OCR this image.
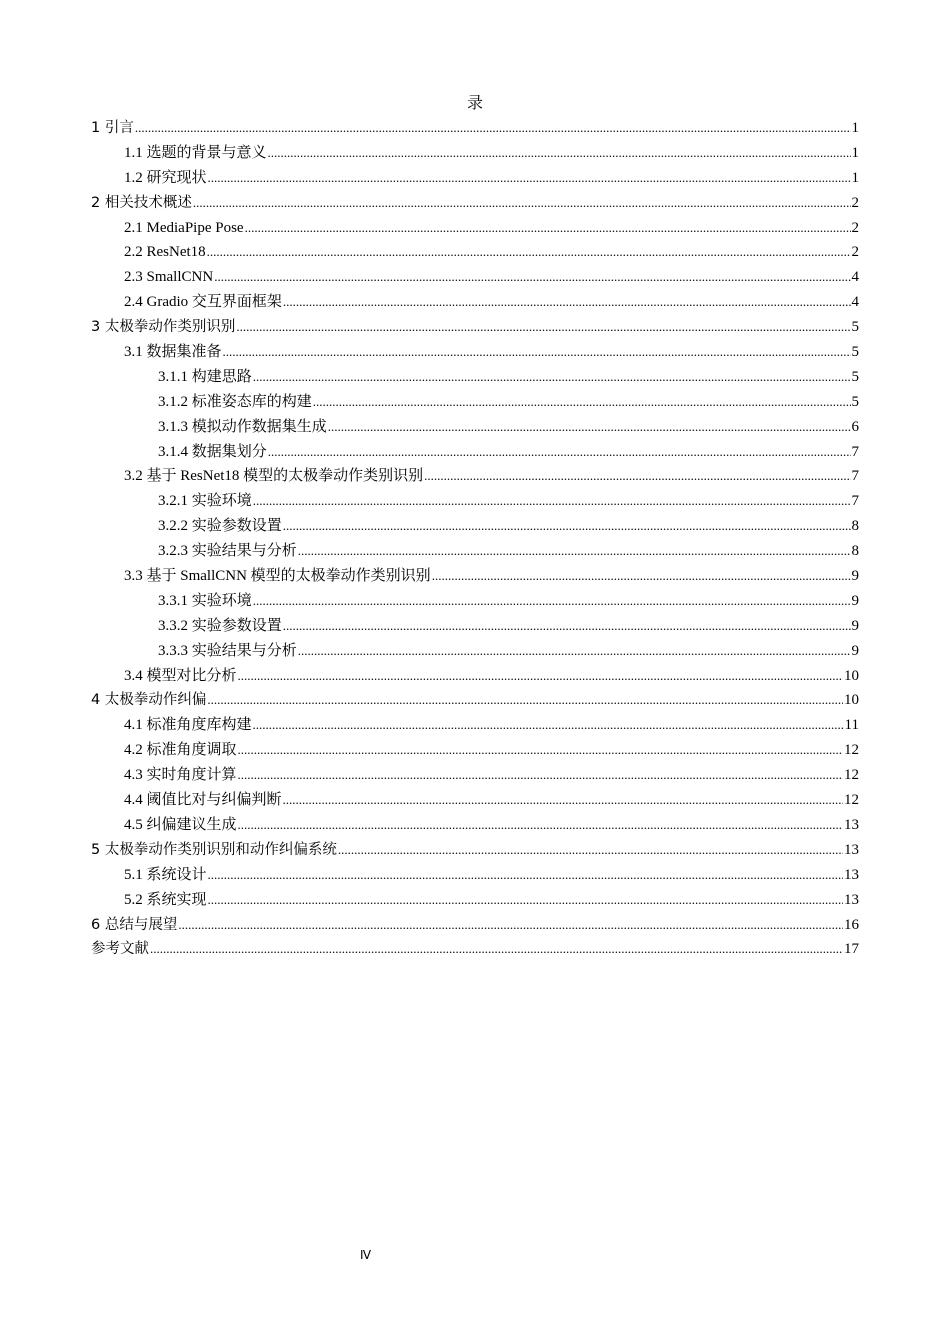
录
1 引言 .....	1
1.1 选题的背景与意义 .....	1
1.2 研究现状 .....	1
2 相关技术概述 .....	2
2.1 MediaPipe Pose .....	2
2.2 ResNet18 .....	2
2.3 SmallCNN .....	4
2.4 Gradio 交互界面框架 .....	4
3 太极拳动作类别识别 .....	5
3.1 数据集准备 .....	5
3.1.1 构建思路 .....	5
3.1.2 标准姿态库的构建 .....	5
3.1.3 模拟动作数据集生成 .....	6
3.1.4 数据集划分 .....	7
3.2 基于 ResNet18 模型的太极拳动作类别识别 .....	7
3.2.1 实验环境 .....	7
3.2.2 实验参数设置 .....	8
3.2.3 实验结果与分析 .....	8
3.3 基于 SmallCNN 模型的太极拳动作类别识别 .....	9
3.3.1 实验环境 .....	9
3.3.2 实验参数设置 .....	9
3.3.3 实验结果与分析 .....	9
3.4 模型对比分析 .....	10
4 太极拳动作纠偏 .....	10
4.1 标准角度库构建 .....	11
4.2 标准角度调取 .....	12
4.3 实时角度计算 .....	12
4.4 阈值比对与纠偏判断 .....	12
4.5 纠偏建议生成 .....	13
5 太极拳动作类别识别和动作纠偏系统 .....	13
5.1 系统设计 .....	13
5.2 系统实现 .....	13
6 总结与展望 .....	16
参考文献 .....	17
Ⅳ
